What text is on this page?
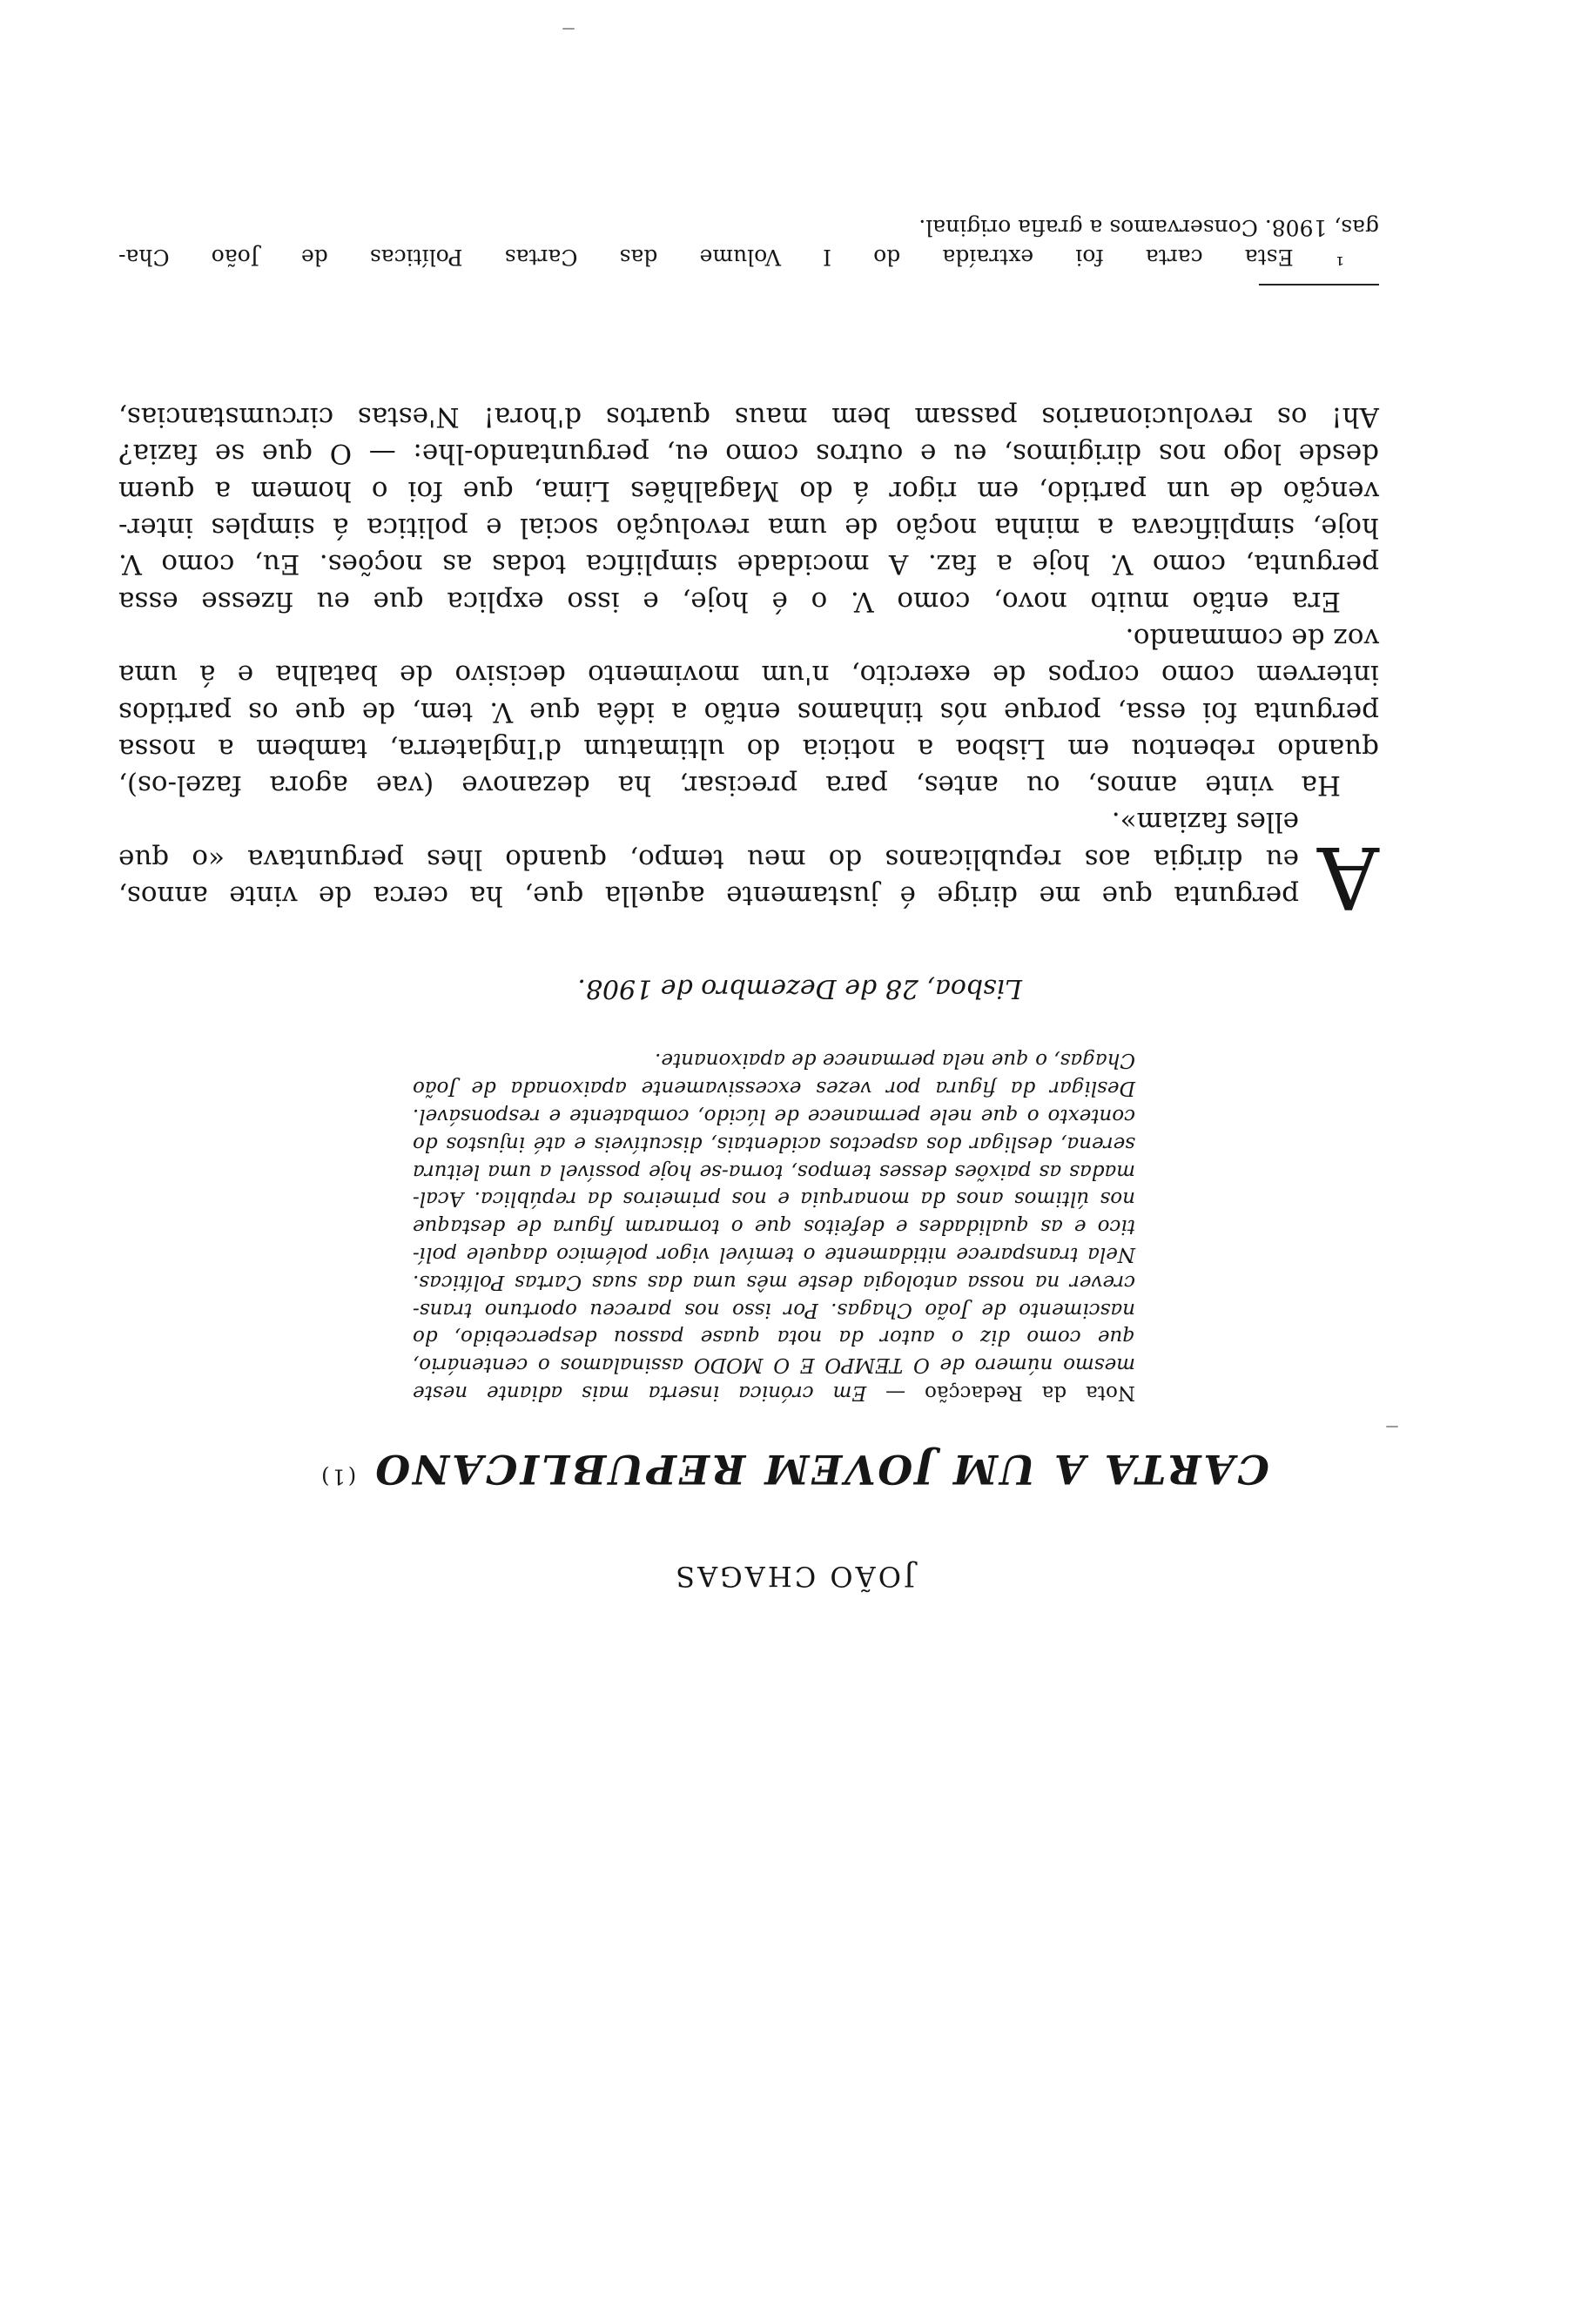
JOÃO CHAGAS
CARTA A UM JOVEM REPUBLICANO $^{(1)}$
Nota da Redacção — Em crónica inserta mais adiante neste
mesmo número de O TEMPO E O MODO assinalamos o centenário,
que como diz o autor da nota quase passou despercebido, do
nascimento de João Chagas. Por isso nos pareceu oportuno trans-
crever na nossa antologia deste mês uma das suas Cartas Políticas.
Nela transparece nitidamente o temível vigor polémico daquele polí-
tico e as qualidades e defeitos que o tornaram figura de destaque
nos últimos anos da monarquia e nos primeiros da república. Acal-
madas as paixões desses tempos, torna-se hoje possível a uma leitura
serena, desligar dos aspectos acidentais, discutíveis e até injustos do
contexto o que nele permanece de lúcido, combatente e responsável.
Desligar da figura por vezes excessivamente apaixonada de João
Chagas, o que nela permanece de apaixonante.
Lisboa, 28 de Dezembro de 1908.
A
pergunta que me dirige é justamente aquella que, ha cerca de vinte annos,
eu dirigia aos republicanos do meu tempo, quando lhes perguntava «o que
elles faziam».
Ha vinte annos, ou antes, para precisar, ha dezanove (vae agora fazel-os),
quando rebentou em Lisboa a noticia do ultimatum d'Inglaterra, tambem a nossa
pergunta foi essa, porque nós tinhamos então a idêa que V. tem, de que os partidos
intervem como corpos de exercito, n'um movimento decisivo de batalha e á uma
voz de commando.
Era então muito novo, como V. o é hoje, e isso explica que eu fizesse essa
pergunta, como V. hoje a faz. A mocidade simplifica todas as noções. Eu, como V.
hoje, simplificava a minha noção de uma revolução social e politica á simples inter-
venção de um partido, em rigor á do Magalhães Lima, que foi o homem a quem
desde logo nos dirigimos, eu e outros como eu, perguntando-lhe: — O que se fazia?
Ah! os revolucionarios passam bem maus quartos d'hora! N'estas circumstancias,
¹ Esta carta foi extraída do I Volume das Cartas Políticas de João Cha-
gas, 1908. Conservamos a grafia original.
